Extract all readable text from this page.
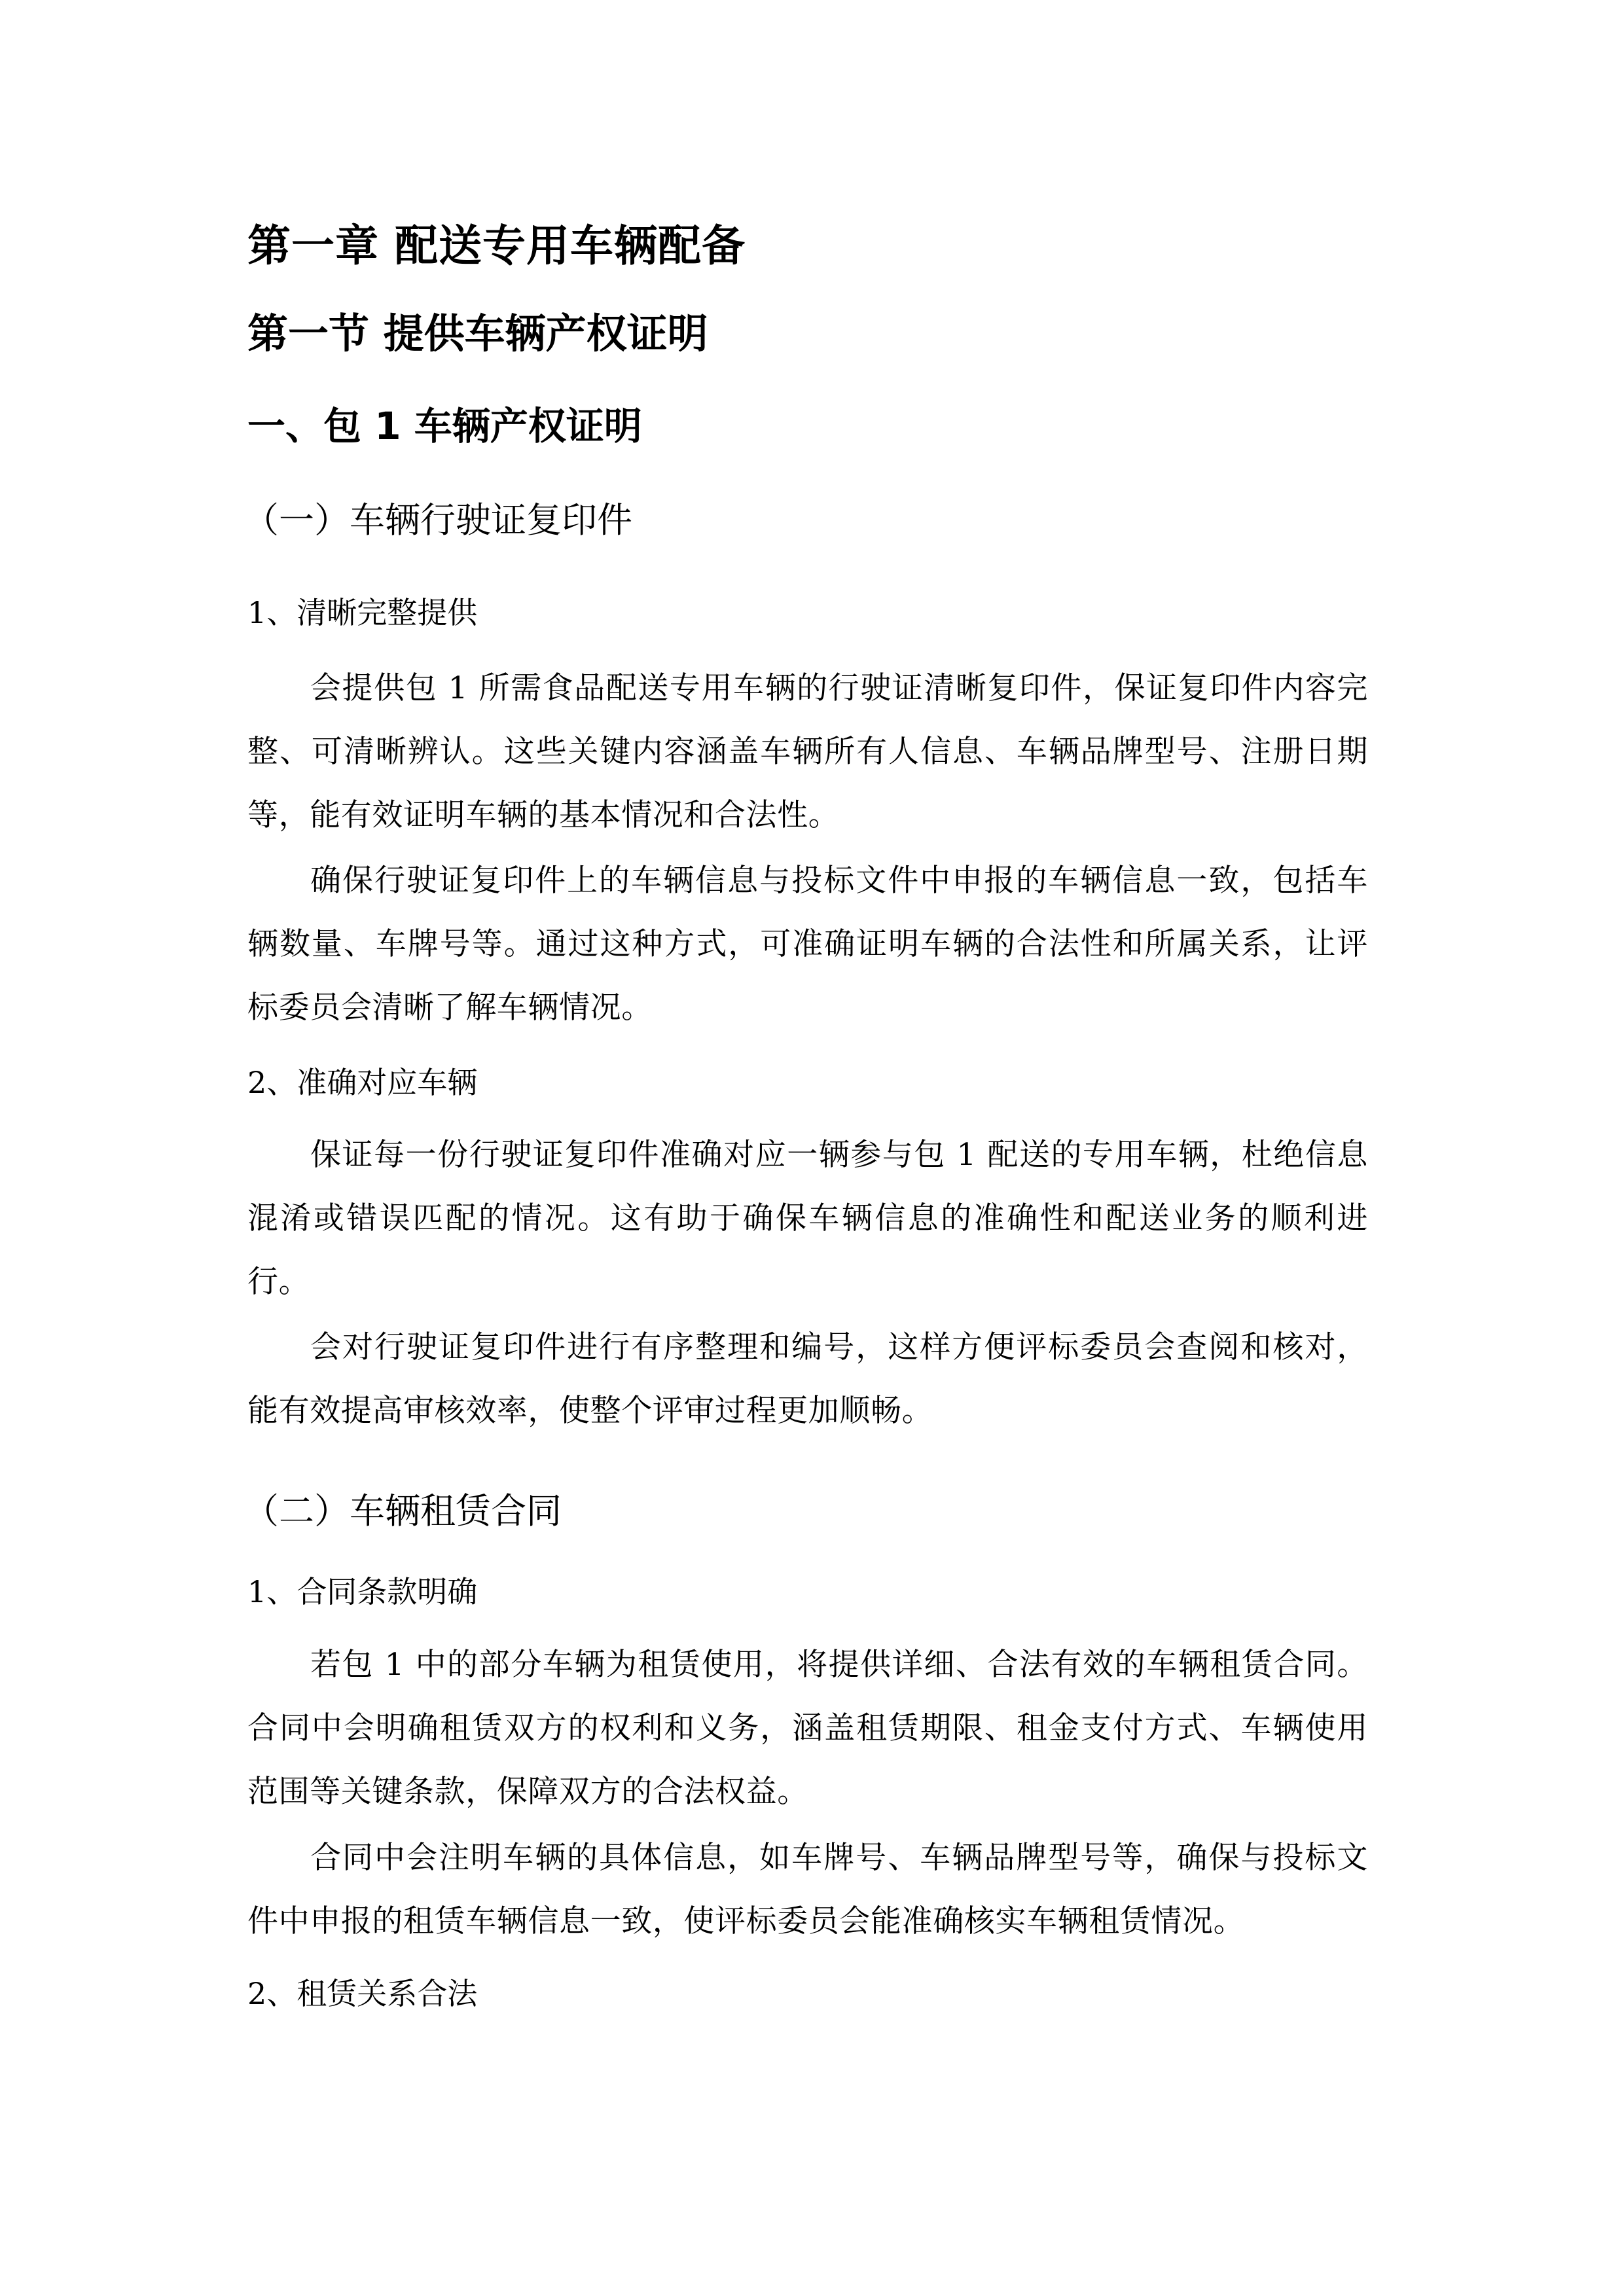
第一章 配送专用车辆配备
第一节 提供车辆产权证明
一、包 1 车辆产权证明
（一）车辆行驶证复印件
1、清晰完整提供
会提供包 1 所需食品配送专用车辆的行驶证清晰复印件，保证复印件内容完整、可清晰辨认。这些关键内容涵盖车辆所有人信息、车辆品牌型号、注册日期等，能有效证明车辆的基本情况和合法性。
确保行驶证复印件上的车辆信息与投标文件中申报的车辆信息一致，包括车辆数量、车牌号等。通过这种方式，可准确证明车辆的合法性和所属关系，让评标委员会清晰了解车辆情况。
2、准确对应车辆
保证每一份行驶证复印件准确对应一辆参与包 1 配送的专用车辆，杜绝信息混淆或错误匹配的情况。这有助于确保车辆信息的准确性和配送业务的顺利进行。
会对行驶证复印件进行有序整理和编号，这样方便评标委员会查阅和核对，能有效提高审核效率，使整个评审过程更加顺畅。
（二）车辆租赁合同
1、合同条款明确
若包 1 中的部分车辆为租赁使用，将提供详细、合法有效的车辆租赁合同。合同中会明确租赁双方的权利和义务，涵盖租赁期限、租金支付方式、车辆使用范围等关键条款，保障双方的合法权益。
合同中会注明车辆的具体信息，如车牌号、车辆品牌型号等，确保与投标文件中申报的租赁车辆信息一致，使评标委员会能准确核实车辆租赁情况。
2、租赁关系合法
